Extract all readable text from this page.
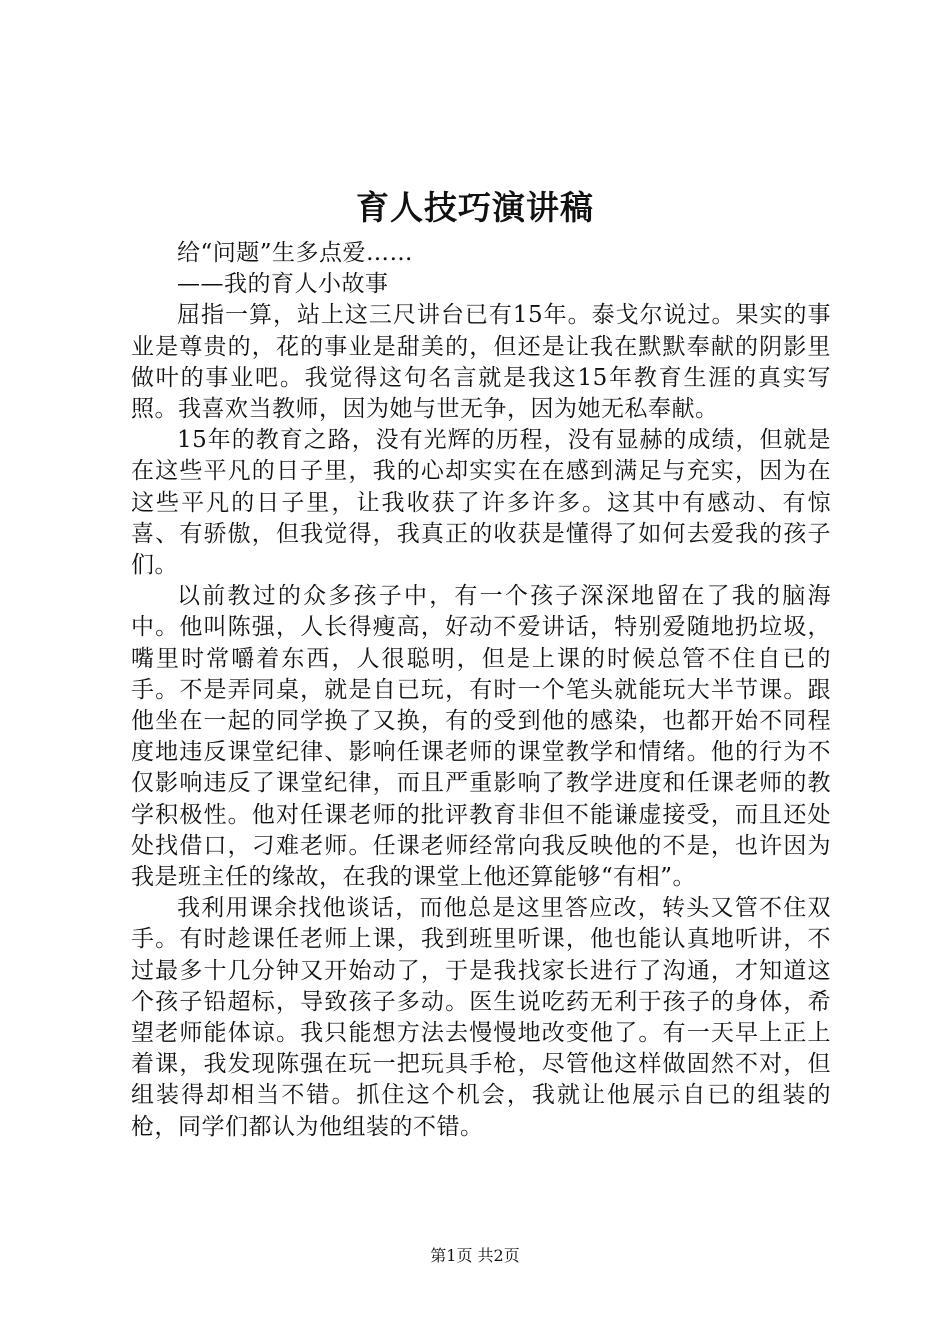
育人技巧演讲稿

给“问题”生多点爱……

——我的育人小故事

屈指一算，站上这三尺讲台已有15年。泰戈尔说过。果实的事业是尊贵的，花的事业是甜美的，但还是让我在默默奉献的阴影里做叶的事业吧。我觉得这句名言就是我这15年教育生涯的真实写照。我喜欢当教师，因为她与世无争，因为她无私奉献。

15年的教育之路，没有光辉的历程，没有显赫的成绩，但就是在这些平凡的日子里，我的心却实实在在感到满足与充实，因为在这些平凡的日子里，让我收获了许多许多。这其中有感动、有惊喜、有骄傲，但我觉得，我真正的收获是懂得了如何去爱我的孩子们。

以前教过的众多孩子中，有一个孩子深深地留在了我的脑海中。他叫陈强，人长得瘦高，好动不爱讲话，特别爱随地扔垃圾，嘴里时常嚼着东西，人很聪明，但是上课的时候总管不住自已的手。不是弄同桌，就是自已玩，有时一个笔头就能玩大半节课。跟他坐在一起的同学换了又换，有的受到他的感染，也都开始不同程度地违反课堂纪律、影响任课老师的课堂教学和情绪。他的行为不仅影响违反了课堂纪律，而且严重影响了教学进度和任课老师的教学积极性。他对任课老师的批评教育非但不能谦虚接受，而且还处处找借口，刁难老师。任课老师经常向我反映他的不是，也许因为我是班主任的缘故，在我的课堂上他还算能够“有相”。

我利用课余找他谈话，而他总是这里答应改，转头又管不住双手。有时趁课任老师上课，我到班里听课，他也能认真地听讲，不过最多十几分钟又开始动了，于是我找家长进行了沟通，才知道这个孩子铅超标，导致孩子多动。医生说吃药无利于孩子的身体，希望老师能体谅。我只能想方法去慢慢地改变他了。有一天早上正上着课，我发现陈强在玩一把玩具手枪，尽管他这样做固然不对，但组装得却相当不错。抓住这个机会，我就让他展示自已的组装的枪，同学们都认为他组装的不错。

第1页 共2页
